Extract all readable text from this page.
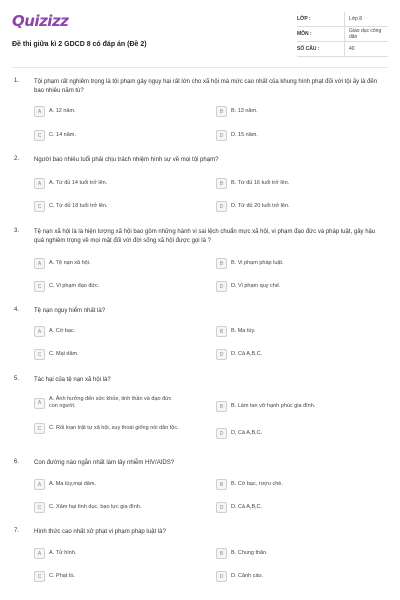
Quizizz
Đề thi giữa kì 2 GDCD 8 có đáp án (Đề 2)
LỚP :	Lớp 8
MÔN :	Giáo dục công dân
SỐ CÂU :	40
1. Tội phạm rất nghiêm trọng là tội phạm gây nguy hại rất lớn cho xã hội mà mức cao nhất của khung hình phạt đối với tội ấy là đến bao nhiêu năm tù?
A	A. 12 năm.	B	B. 13 năm.
C	C. 14 năm.	D	D. 15 năm.
2. Người bao nhiêu tuổi phải chịu trách nhiệm hình sự về mọi tội phạm?
A	A. Từ đủ 14 tuổi trở lên.	B	B. Từ đủ 16 tuổi trở lên.
C	C. Từ đủ 18 tuổi trở lên.	D	D. Từ đủ 20 tuổi trở lên.
3. Tệ nạn xã hội là là hiện tượng xã hội bao gồm những hành vi sai lệch chuẩn mực xã hội, vi phạm đạo đức và pháp luật, gây hậu quả nghiêm trọng về mọi mặt đối với đời sống xã hội được gọi là ?
A	A. Tệ nạn xã hội.	B	B. Vi phạm pháp luật.
C	C. Vi phạm đạo đức.	D	D. Vi phạm quy chế.
4. Tệ nạn nguy hiểm nhất là?
A	A. Cờ bạc.	B	B. Ma túy.
C	C. Mại dâm.	D	D. Cả A,B,C.
5. Tác hại của tệ nạn xã hội là?
A
A. Ảnh hưởng đến sức khỏe, tinh thần và đạo đức con người.	B	B. Làm tan vỡ hạnh phúc gia đình.
C	C. Rối loạn trật tự xã hội, suy thoái giống nòi dân tộc.
D	D. Cả A,B,C.
6. Con đường nào ngắn nhất làm lây nhiễm HIV/AIDS?
A	A. Ma túy,mại dâm.	B	B. Cờ bạc, rượu chè.
C	C. Xăm hại tình dục, bạo lực gia đình.	D	D. Cả A,B,C.
7. Hình thức cao nhất xử phạt vi phạm pháp luật là?
A	A. Tử hình.	B	B. Chung thân.
C	C. Phạt tù.	D	D. Cảnh cáo.
